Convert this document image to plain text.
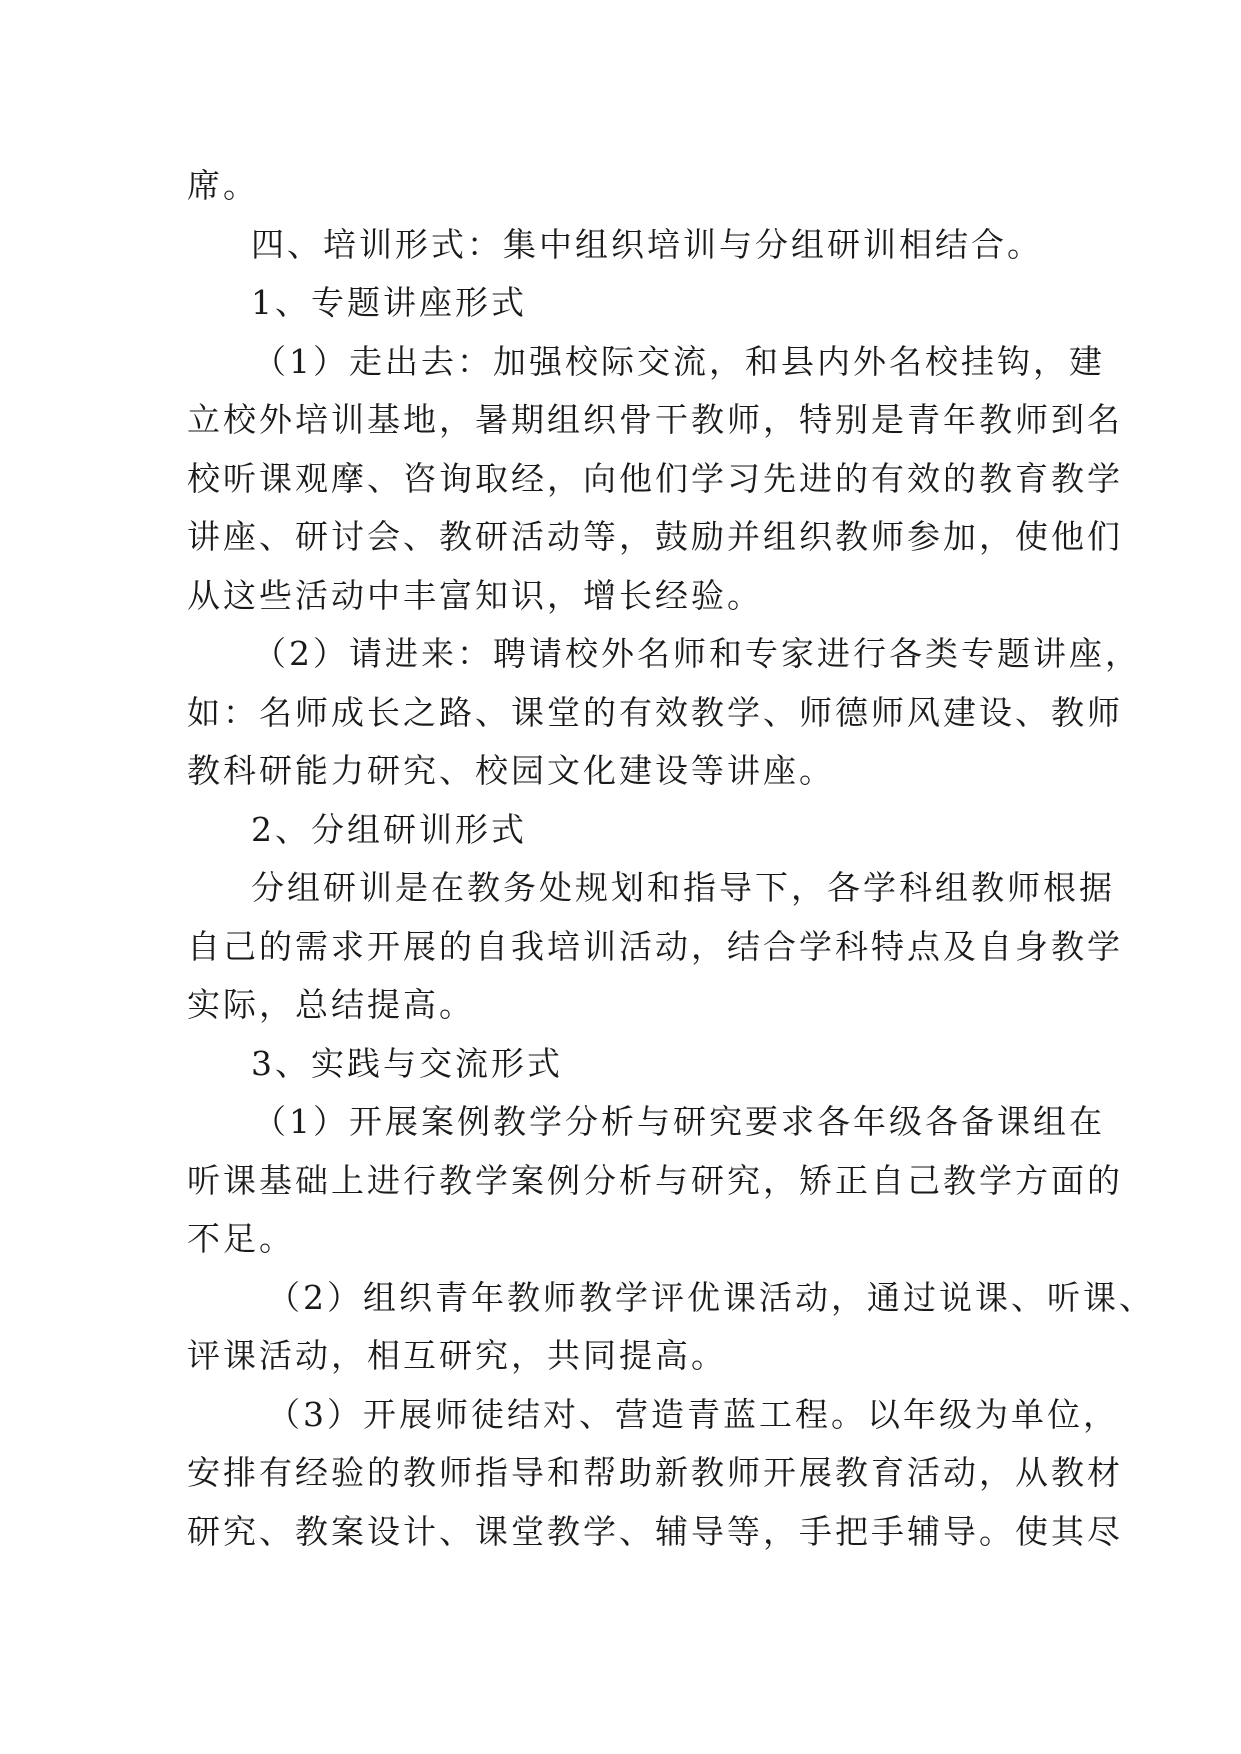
席。
四、培训形式：集中组织培训与分组研训相结合。
1、专题讲座形式
（1）走出去：加强校际交流，和县内外名校挂钩，建
立校外培训基地，暑期组织骨干教师，特别是青年教师到名
校听课观摩、咨询取经，向他们学习先进的有效的教育教学
讲座、研讨会、教研活动等，鼓励并组织教师参加，使他们
从这些活动中丰富知识，增长经验。
（2）请进来：聘请校外名师和专家进行各类专题讲座，
如：名师成长之路、课堂的有效教学、师德师风建设、教师
教科研能力研究、校园文化建设等讲座。
2、分组研训形式
分组研训是在教务处规划和指导下，各学科组教师根据
自己的需求开展的自我培训活动，结合学科特点及自身教学
实际，总结提高。
3、实践与交流形式
（1）开展案例教学分析与研究要求各年级各备课组在
听课基础上进行教学案例分析与研究，矫正自己教学方面的
不足。
（2）组织青年教师教学评优课活动，通过说课、听课、
评课活动，相互研究，共同提高。
（3）开展师徒结对、营造青蓝工程。以年级为单位，
安排有经验的教师指导和帮助新教师开展教育活动，从教材
研究、教案设计、课堂教学、辅导等，手把手辅导。使其尽
